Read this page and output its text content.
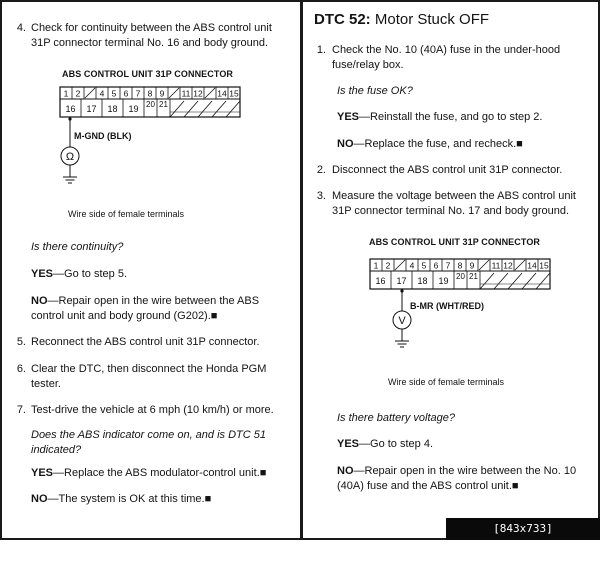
4. Check for continuity between the ABS control unit
31P connector terminal No. 16 and body ground.
ABS CONTROL UNIT 31P CONNECTOR
1 2 4 5 6 7 8 9 11 12 14 15
16 17 18 19 20 21
Ω
M-GND (BLK)
Wire side of female terminals
Is there continuity?
YES—Go to step 5.
NO—Repair open in the wire between the ABS
control unit and body ground (G202).■
5. Reconnect the ABS control unit 31P connector.
6. Clear the DTC, then disconnect the Honda PGM
tester.
7. Test-drive the vehicle at 6 mph (10 km/h) or more.
Does the ABS indicator come on, and is DTC 51
indicated?
YES—Replace the ABS modulator-control unit.■
NO—The system is OK at this time.■
DTC 52: Motor Stuck OFF
1. Check the No. 10 (40A) fuse in the under-hood
fuse/relay box.
Is the fuse OK?
YES—Reinstall the fuse, and go to step 2.
NO—Replace the fuse, and recheck.■
2. Disconnect the ABS control unit 31P connector.
3. Measure the voltage between the ABS control unit
31P connector terminal No. 17 and body ground.
ABS CONTROL UNIT 31P CONNECTOR
1 2 4 5 6 7 8 9 11 12 14 15
16 17 18 19 20 21
V
B-MR (WHT/RED)
Wire side of female terminals
Is there battery voltage?
YES—Go to step 4.
NO—Repair open in the wire between the No. 10
(40A) fuse and the ABS control unit.■
[843x733] http://upic.me/
